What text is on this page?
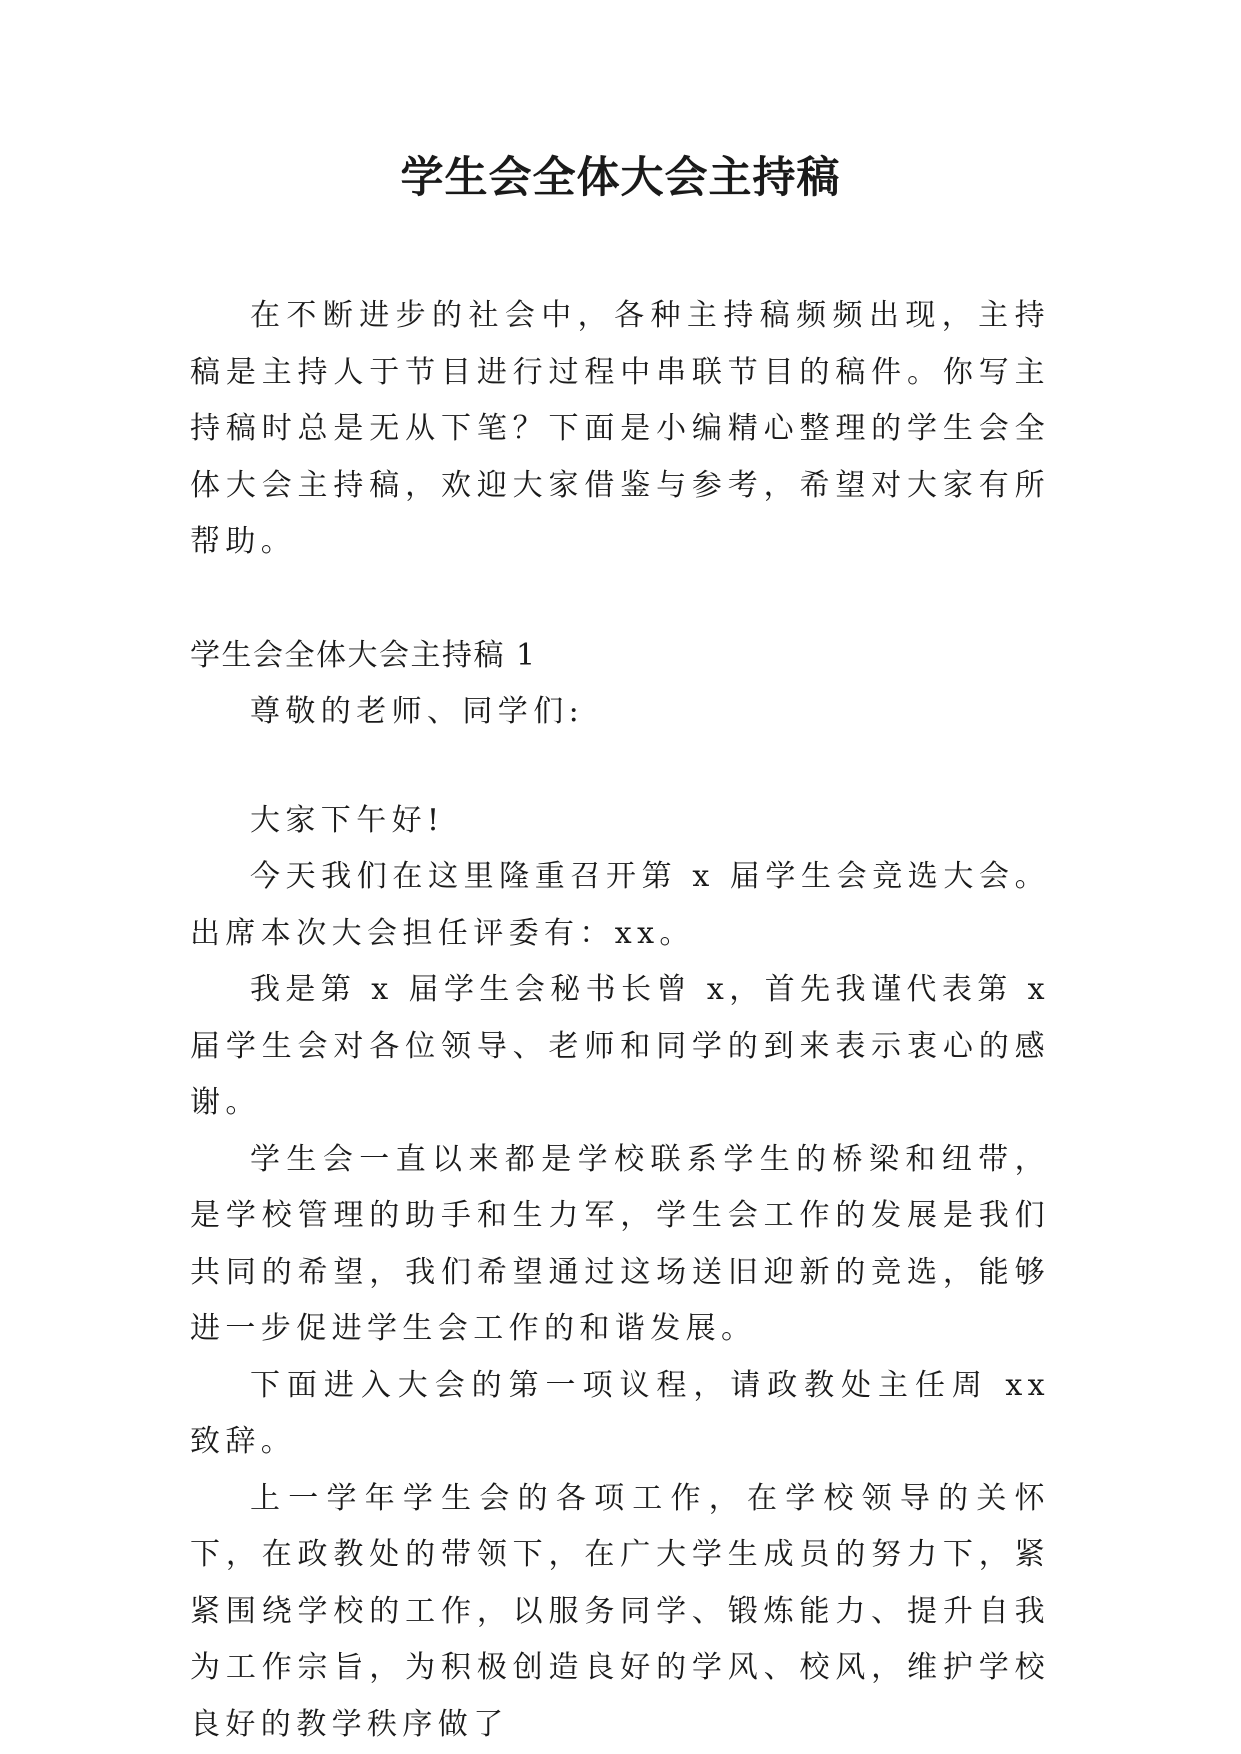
学生会全体大会主持稿

在不断进步的社会中，各种主持稿频频出现，主持稿是主持人于节目进行过程中串联节目的稿件。你写主持稿时总是无从下笔？下面是小编精心整理的学生会全体大会主持稿，欢迎大家借鉴与参考，希望对大家有所帮助。

学生会全体大会主持稿 1

尊敬的老师、同学们:

大家下午好!

今天我们在这里隆重召开第 x 届学生会竞选大会。出席本次大会担任评委有：xx。

我是第 x 届学生会秘书长曾 x，首先我谨代表第 x 届学生会对各位领导、老师和同学的到来表示衷心的感谢。

学生会一直以来都是学校联系学生的桥梁和纽带，是学校管理的助手和生力军，学生会工作的发展是我们共同的希望，我们希望通过这场送旧迎新的竞选，能够进一步促进学生会工作的和谐发展。

下面进入大会的第一项议程，请政教处主任周 xx 致辞。

上一学年学生会的各项工作，在学校领导的关怀下，在政教处的带领下，在广大学生成员的努力下，紧紧围绕学校的工作，以服务同学、锻炼能力、提升自我为工作宗旨，为积极创造良好的学风、校风，维护学校良好的教学秩序做了
